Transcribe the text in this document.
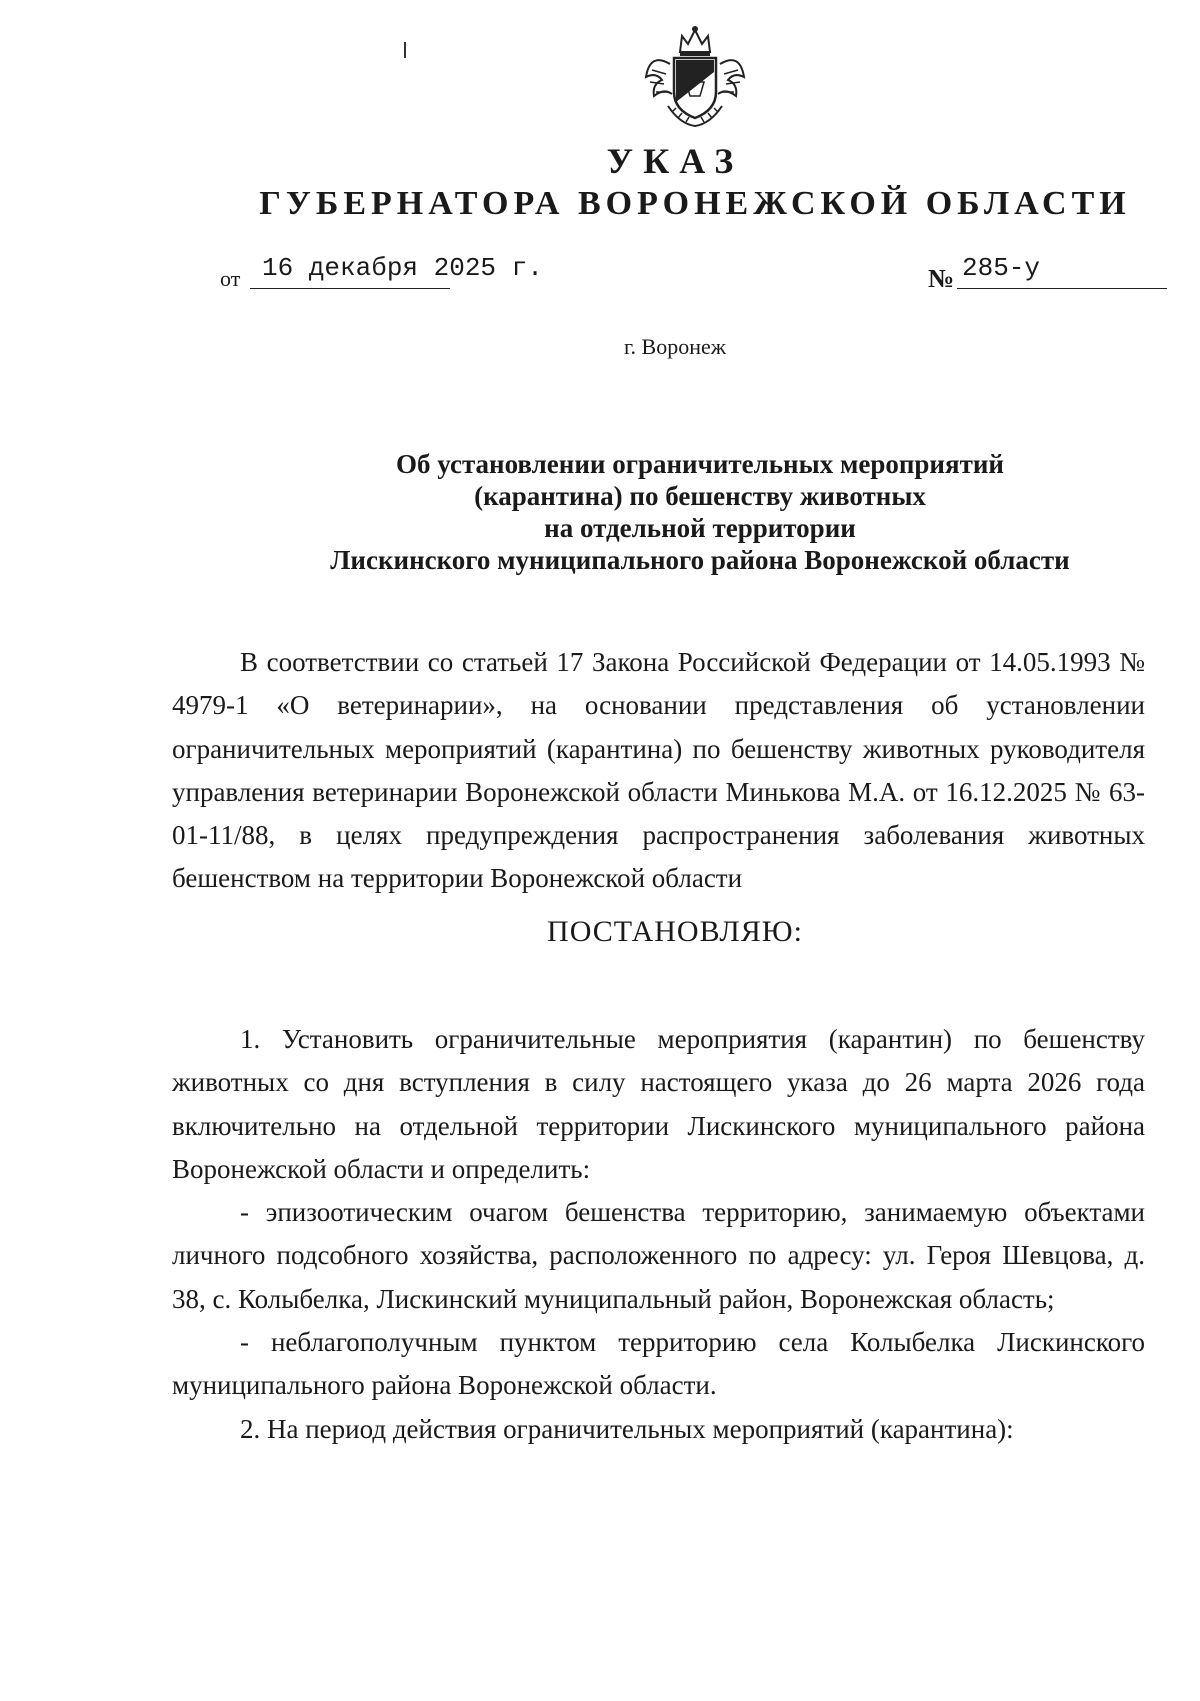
УКАЗ
ГУБЕРНАТОРА ВОРОНЕЖСКОЙ ОБЛАСТИ
от 16 декабря 2025 г.	№ 285-у
г. Воронеж
Об установлении ограничительных мероприятий
(карантина) по бешенству животных
на отдельной территории
Лискинского муниципального района Воронежской области
В соответствии со статьей 17 Закона Российской Федерации от 14.05.1993 № 4979-1 «О ветеринарии», на основании представления об установлении ограничительных мероприятий (карантина) по бешенству животных руководителя управления ветеринарии Воронежской области Минькова М.А. от 16.12.2025 № 63-01-11/88, в целях предупреждения распространения заболевания животных бешенством на территории Воронежской области
ПОСТАНОВЛЯЮ:
1. Установить ограничительные мероприятия (карантин) по бешенству животных со дня вступления в силу настоящего указа до 26 марта 2026 года включительно на отдельной территории Лискинского муниципального района Воронежской области и определить:
- эпизоотическим очагом бешенства территорию, занимаемую объектами личного подсобного хозяйства, расположенного по адресу: ул. Героя Шевцова, д. 38, с. Колыбелка, Лискинский муниципальный район, Воронежская область;
- неблагополучным пунктом территорию села Колыбелка Лискинского муниципального района Воронежской области.
2. На период действия ограничительных мероприятий (карантина):
